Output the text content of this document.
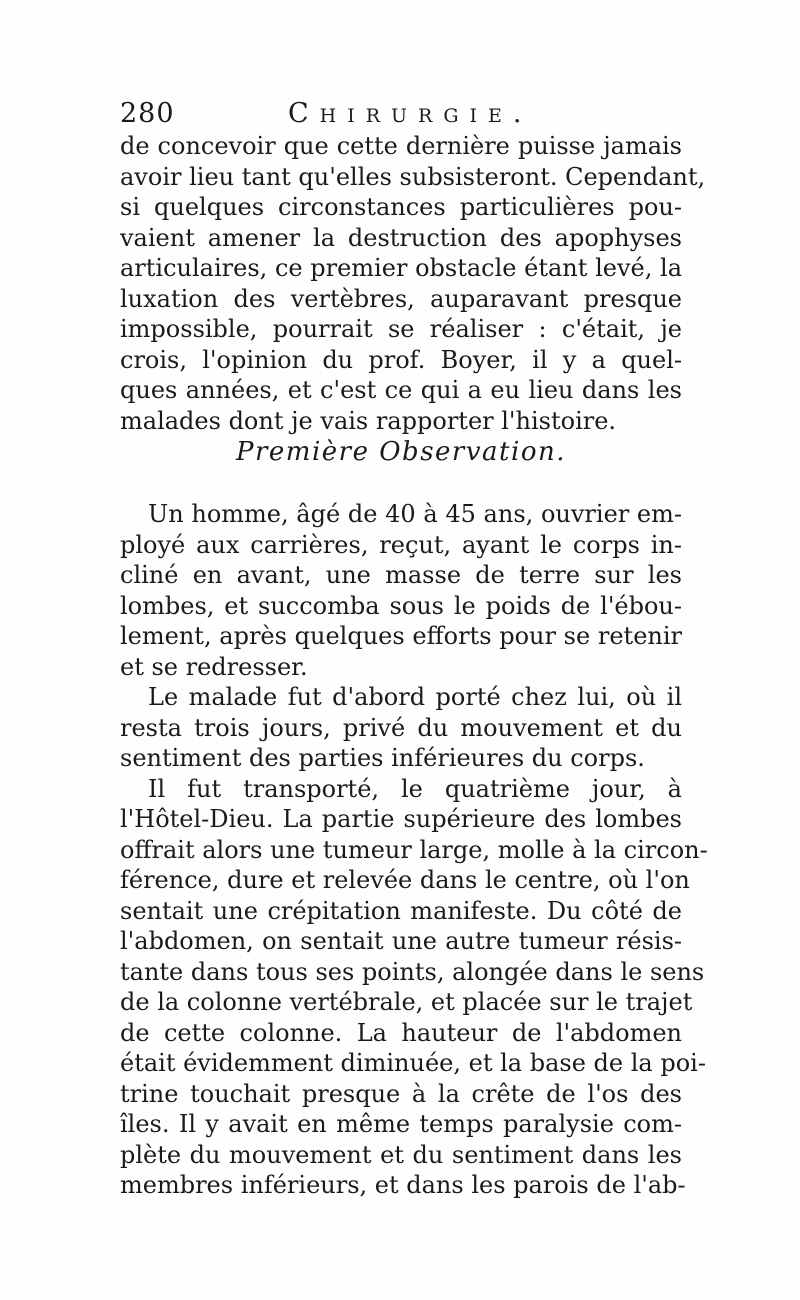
280	Chirurgie.
de concevoir que cette dernière puisse jamais
avoir lieu tant qu'elles subsisteront. Cependant,
si quelques circonstances particulières pou-
vaient amener la destruction des apophyses
articulaires, ce premier obstacle étant levé, la
luxation des vertèbres, auparavant presque
impossible, pourrait se réaliser : c'était, je
crois, l'opinion du prof. Boyer, il y a quel-
ques années, et c'est ce qui a eu lieu dans les
malades dont je vais rapporter l'histoire.
Première Observation.
Un homme, âgé de 40 à 45 ans, ouvrier em-
ployé aux carrières, reçut, ayant le corps in-
cliné en avant, une masse de terre sur les
lombes, et succomba sous le poids de l'ébou-
lement, après quelques efforts pour se retenir
et se redresser.
Le malade fut d'abord porté chez lui, où il
resta trois jours, privé du mouvement et du
sentiment des parties inférieures du corps.
Il fut transporté, le quatrième jour, à
l'Hôtel-Dieu. La partie supérieure des lombes
offrait alors une tumeur large, molle à la circon-
férence, dure et relevée dans le centre, où l'on
sentait une crépitation manifeste. Du côté de
l'abdomen, on sentait une autre tumeur résis-
tante dans tous ses points, alongée dans le sens
de la colonne vertébrale, et placée sur le trajet
de cette colonne. La hauteur de l'abdomen
était évidemment diminuée, et la base de la poi-
trine touchait presque à la crête de l'os des
îles. Il y avait en même temps paralysie com-
plète du mouvement et du sentiment dans les
membres inférieurs, et dans les parois de l'ab-
